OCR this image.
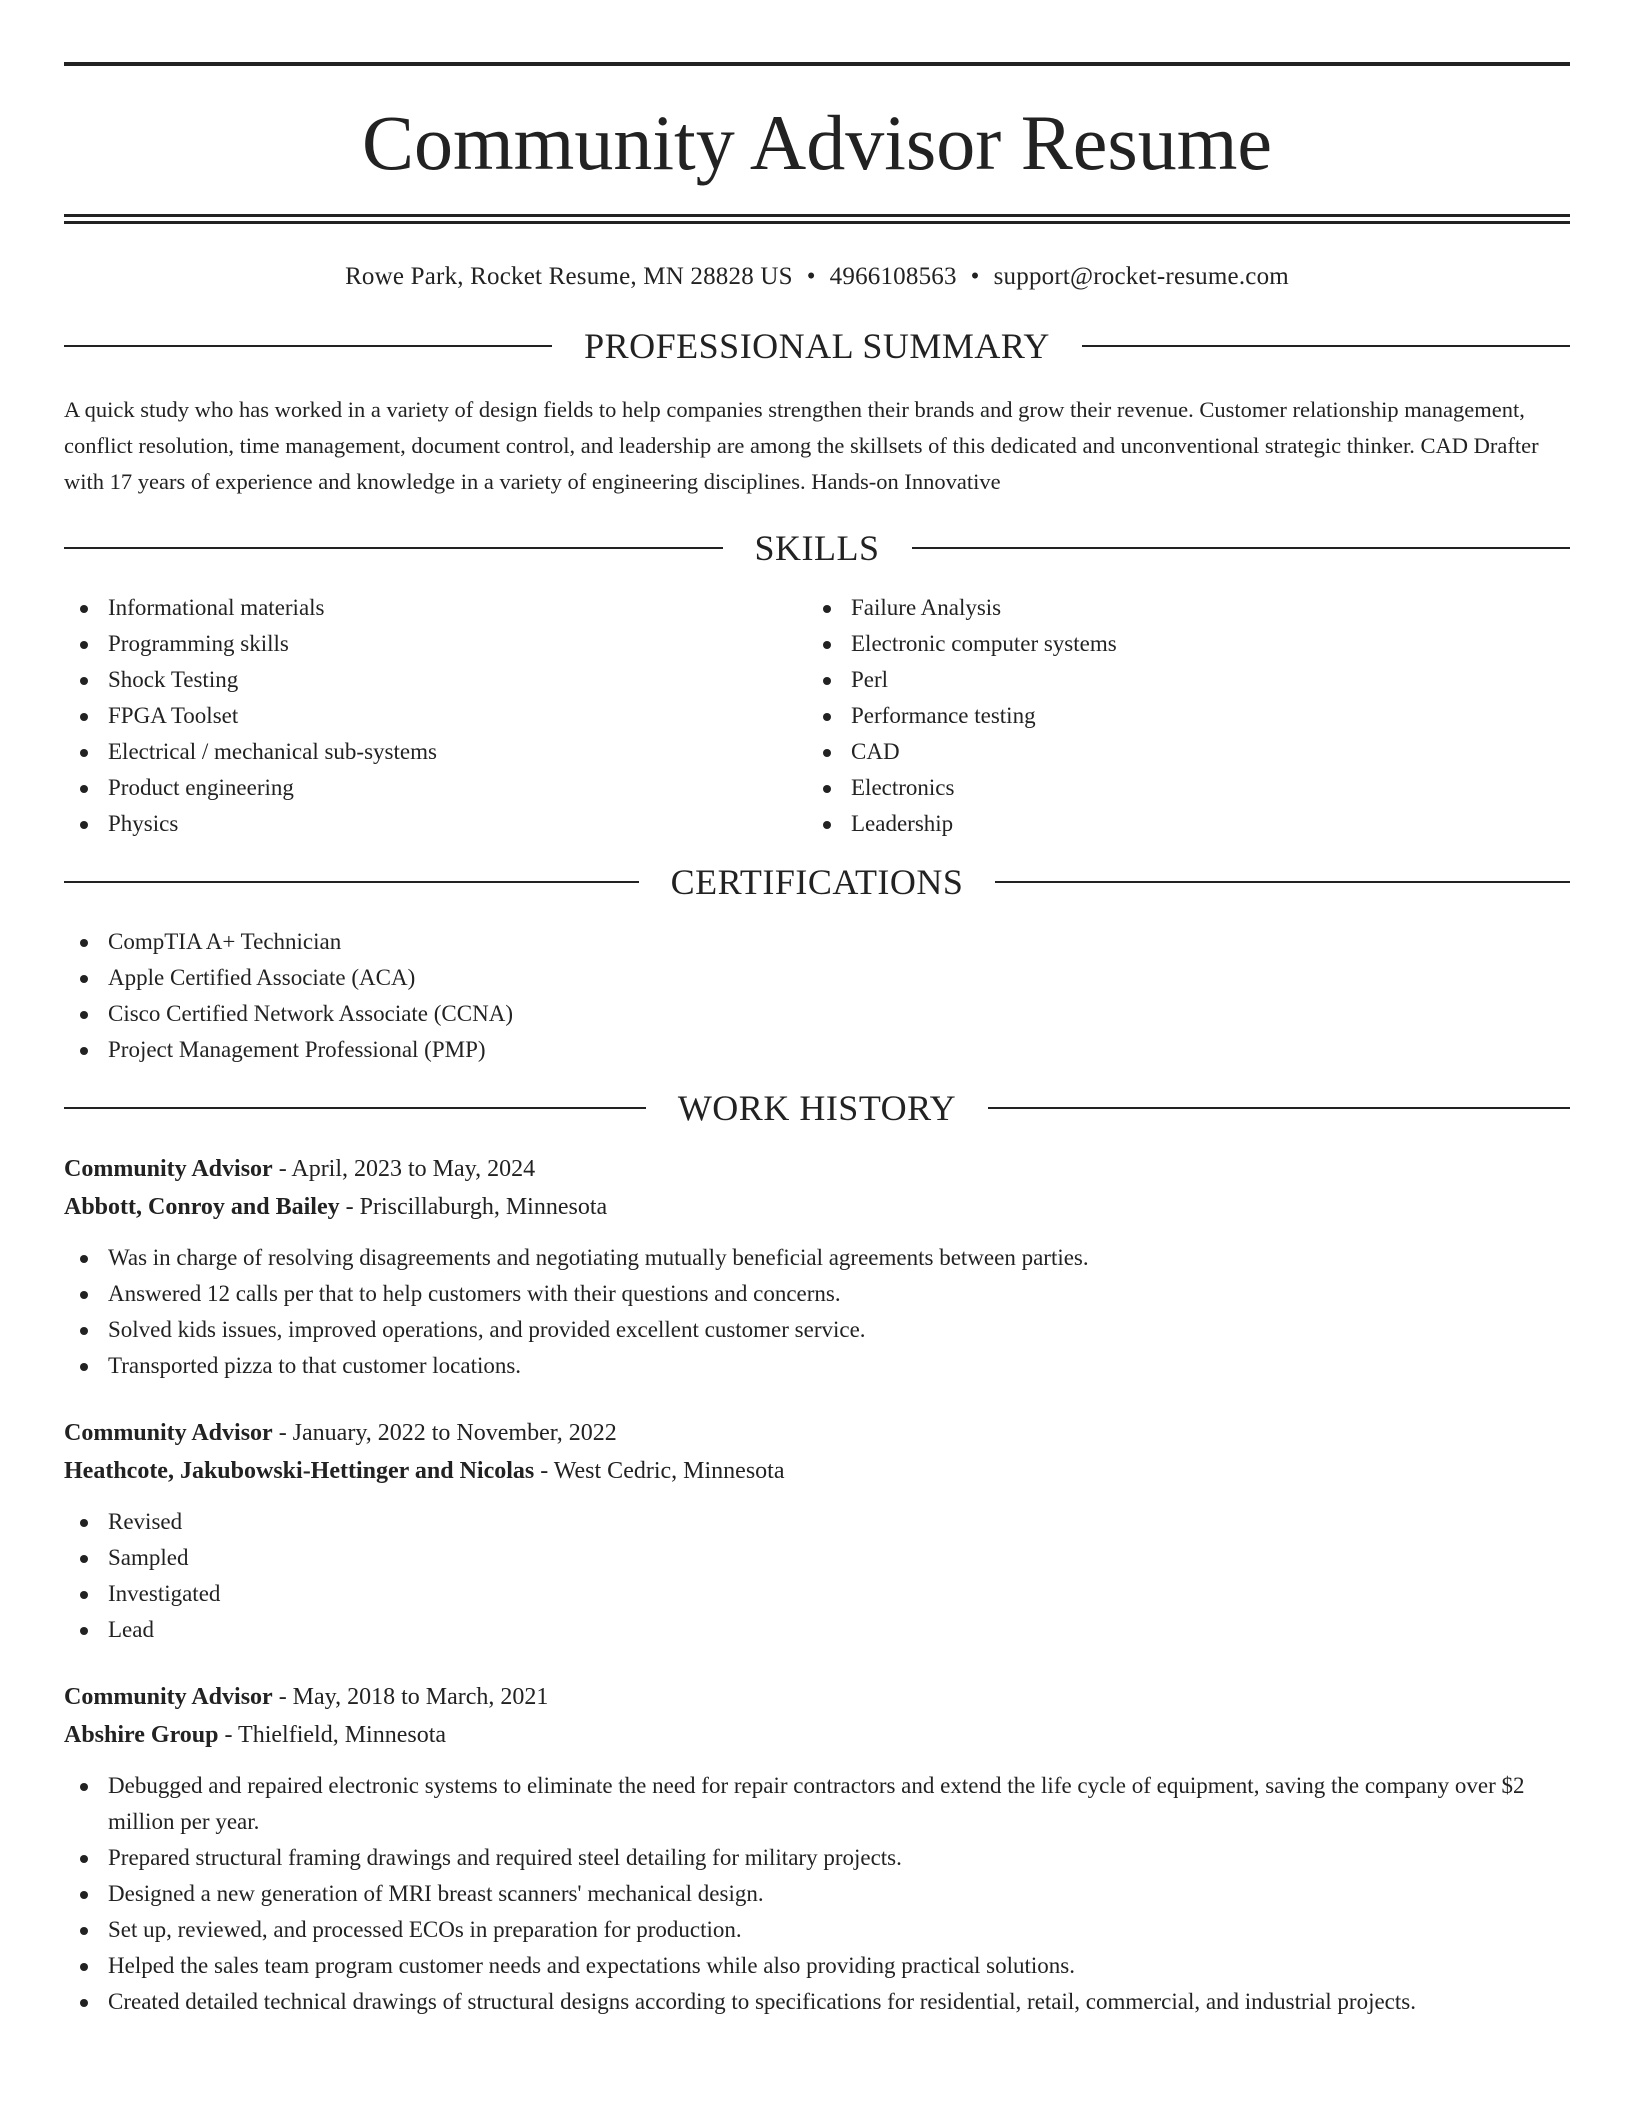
Community Advisor Resume
Rowe Park, Rocket Resume, MN 28828 US • 4966108563 • support@rocket-resume.com
PROFESSIONAL SUMMARY

A quick study who has worked in a variety of design fields to help companies strengthen their brands and grow their revenue. Customer relationship management, conflict resolution, time management, document control, and leadership are among the skillsets of this dedicated and unconventional strategic thinker. CAD Drafter with 17 years of experience and knowledge in a variety of engineering disciplines. Hands-on Innovative

SKILLS
Informational materials
Programming skills
Shock Testing
FPGA Toolset
Electrical / mechanical sub-systems
Product engineering
Physics
Failure Analysis
Electronic computer systems
Perl
Performance testing
CAD
Electronics
Leadership
CERTIFICATIONS
CompTIA A+ Technician
Apple Certified Associate (ACA)
Cisco Certified Network Associate (CCNA)
Project Management Professional (PMP)
WORK HISTORY
Community Advisor - April, 2023 to May, 2024
Abbott, Conroy and Bailey - Priscillaburgh, Minnesota
Was in charge of resolving disagreements and negotiating mutually beneficial agreements between parties.
Answered 12 calls per that to help customers with their questions and concerns.
Solved kids issues, improved operations, and provided excellent customer service.
Transported pizza to that customer locations.
Community Advisor - January, 2022 to November, 2022
Heathcote, Jakubowski-Hettinger and Nicolas - West Cedric, Minnesota
Revised
Sampled
Investigated
Lead
Community Advisor - May, 2018 to March, 2021
Abshire Group - Thielfield, Minnesota
Debugged and repaired electronic systems to eliminate the need for repair contractors and extend the life cycle of equipment, saving the company over $2 million per year.
Prepared structural framing drawings and required steel detailing for military projects.
Designed a new generation of MRI breast scanners' mechanical design.
Set up, reviewed, and processed ECOs in preparation for production.
Helped the sales team program customer needs and expectations while also providing practical solutions.
Created detailed technical drawings of structural designs according to specifications for residential, retail, commercial, and industrial projects.
